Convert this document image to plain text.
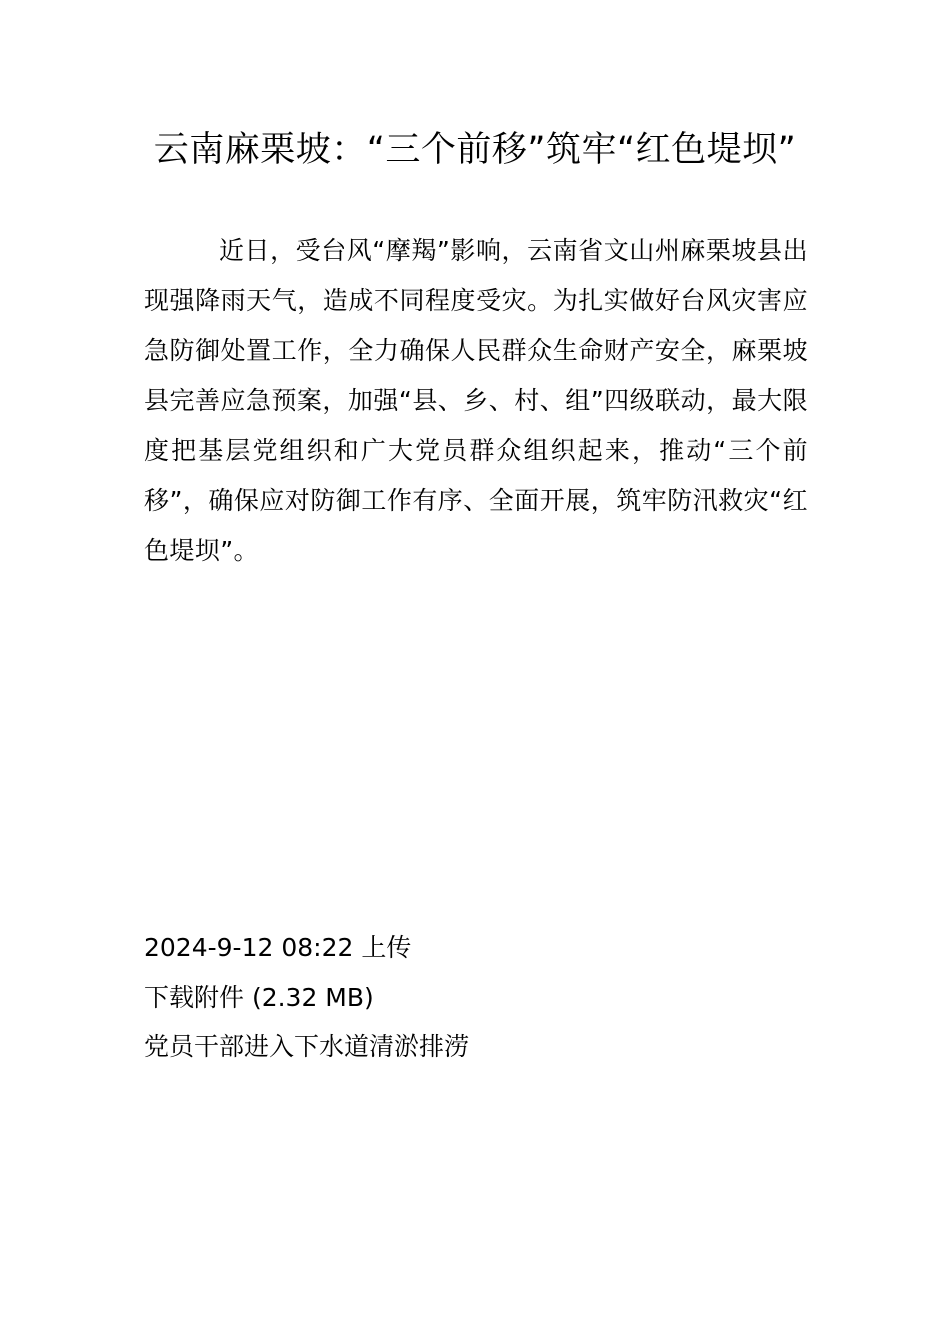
云南麻栗坡：“三个前移”筑牢“红色堤坝”

近日，受台风“摩羯”影响，云南省文山州麻栗坡县出现强降雨天气，造成不同程度受灾。为扎实做好台风灾害应急防御处置工作，全力确保人民群众生命财产安全，麻栗坡县完善应急预案，加强“县、乡、村、组”四级联动，最大限度把基层党组织和广大党员群众组织起来，推动“三个前移”，确保应对防御工作有序、全面开展，筑牢防汛救灾“红色堤坝”。

2024-9-12 08:22 上传
下载附件 (2.32 MB)
党员干部进入下水道清淤排涝
